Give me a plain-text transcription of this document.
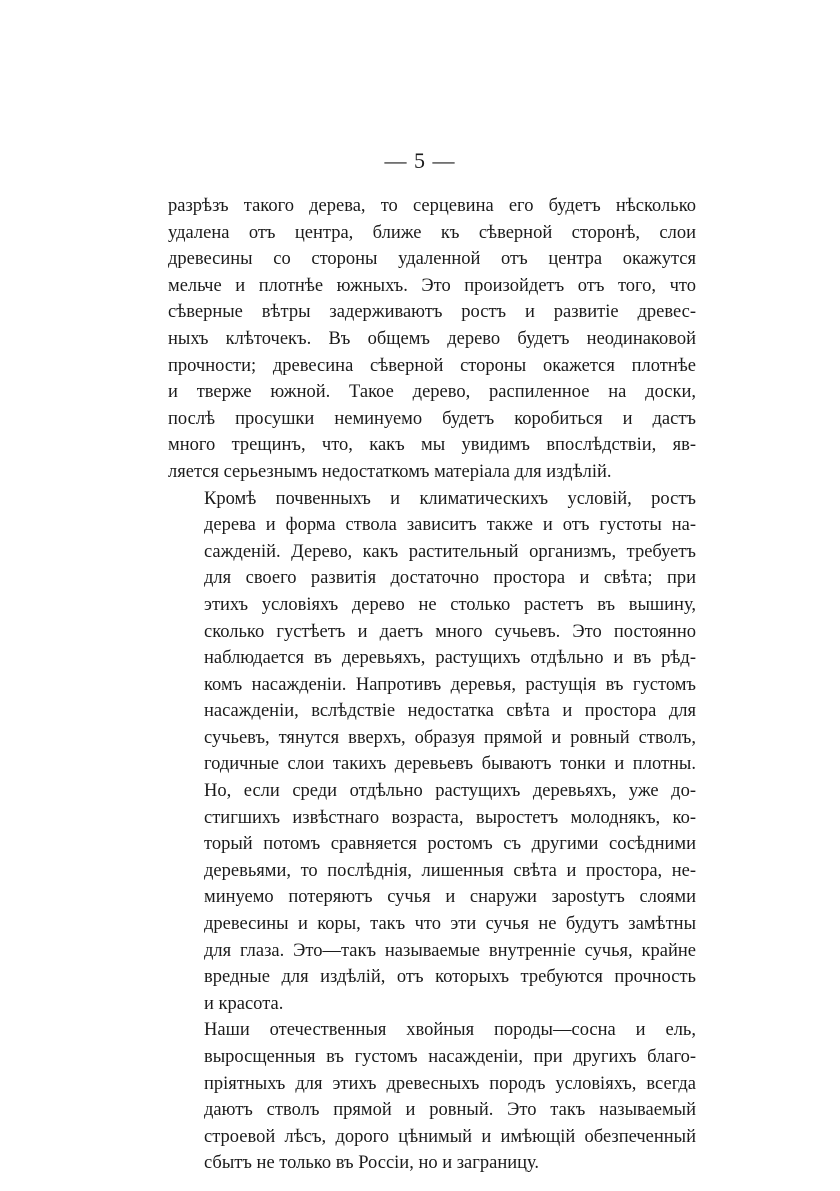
— 5 —

разрѣзъ такого дерева, то серцевина его будетъ нѣсколько
удалена отъ центра, ближе къ сѣверной сторонѣ, слои
древесины со стороны удаленной отъ центра окажутся
мельче и плотнѣе южныхъ. Это произойдетъ отъ того, что
сѣверные вѣтры задерживаютъ ростъ и развитіе древес-
ныхъ клѣточекъ. Въ общемъ дерево будетъ неодинаковой
прочности; древесина сѣверной стороны окажется плотнѣе
и тверже южной. Такое дерево, распиленное на доски,
послѣ просушки неминуемо будетъ коробиться и дастъ
много трещинъ, что, какъ мы увидимъ впослѣдствіи, яв-
ляется серьезнымъ недостаткомъ матеріала для издѣлій.

Кромѣ почвенныхъ и климатическихъ условій, ростъ
дерева и форма ствола зависитъ также и отъ густоты на-
сажденій. Дерево, какъ растительный организмъ, требуетъ
для своего развитія достаточно простора и свѣта; при
этихъ условіяхъ дерево не столько растетъ въ вышину,
сколько густѣетъ и даетъ много сучьевъ. Это постоянно
наблюдается въ деревьяхъ, растущихъ отдѣльно и въ рѣд-
комъ насажденіи. Напротивъ деревья, растущія въ густомъ
насажденіи, вслѣдствіе недостатка свѣта и простора для
сучьевъ, тянутся вверхъ, образуя прямой и ровный стволъ,
годичные слои такихъ деревьевъ бываютъ тонки и плотны.
Но, если среди отдѣльно растущихъ деревьяхъ, уже до-
стигшихъ извѣстнаго возраста, выростетъ молоднякъ, ко-
торый потомъ сравняется ростомъ съ другими сосѣдними
деревьями, то послѣднія, лишенныя свѣта и простора, не-
минуемо потеряютъ сучья и снаружи зарostутъ слоями
древесины и коры, такъ что эти сучья не будутъ замѣтны
для глаза. Это—такъ называемые внутренніе сучья, крайне
вредные для издѣлій, отъ которыхъ требуются прочность
и красота.

Наши отечественныя хвойныя породы—сосна и ель,
выросщенныя въ густомъ насажденіи, при другихъ благо-
пріятныхъ для этихъ древесныхъ породъ условіяхъ, всегда
даютъ стволъ прямой и ровный. Это такъ называемый
строевой лѣсъ, дорого цѣнимый и имѣющій обезпеченный
сбытъ не только въ Россіи, но и заграницу.
